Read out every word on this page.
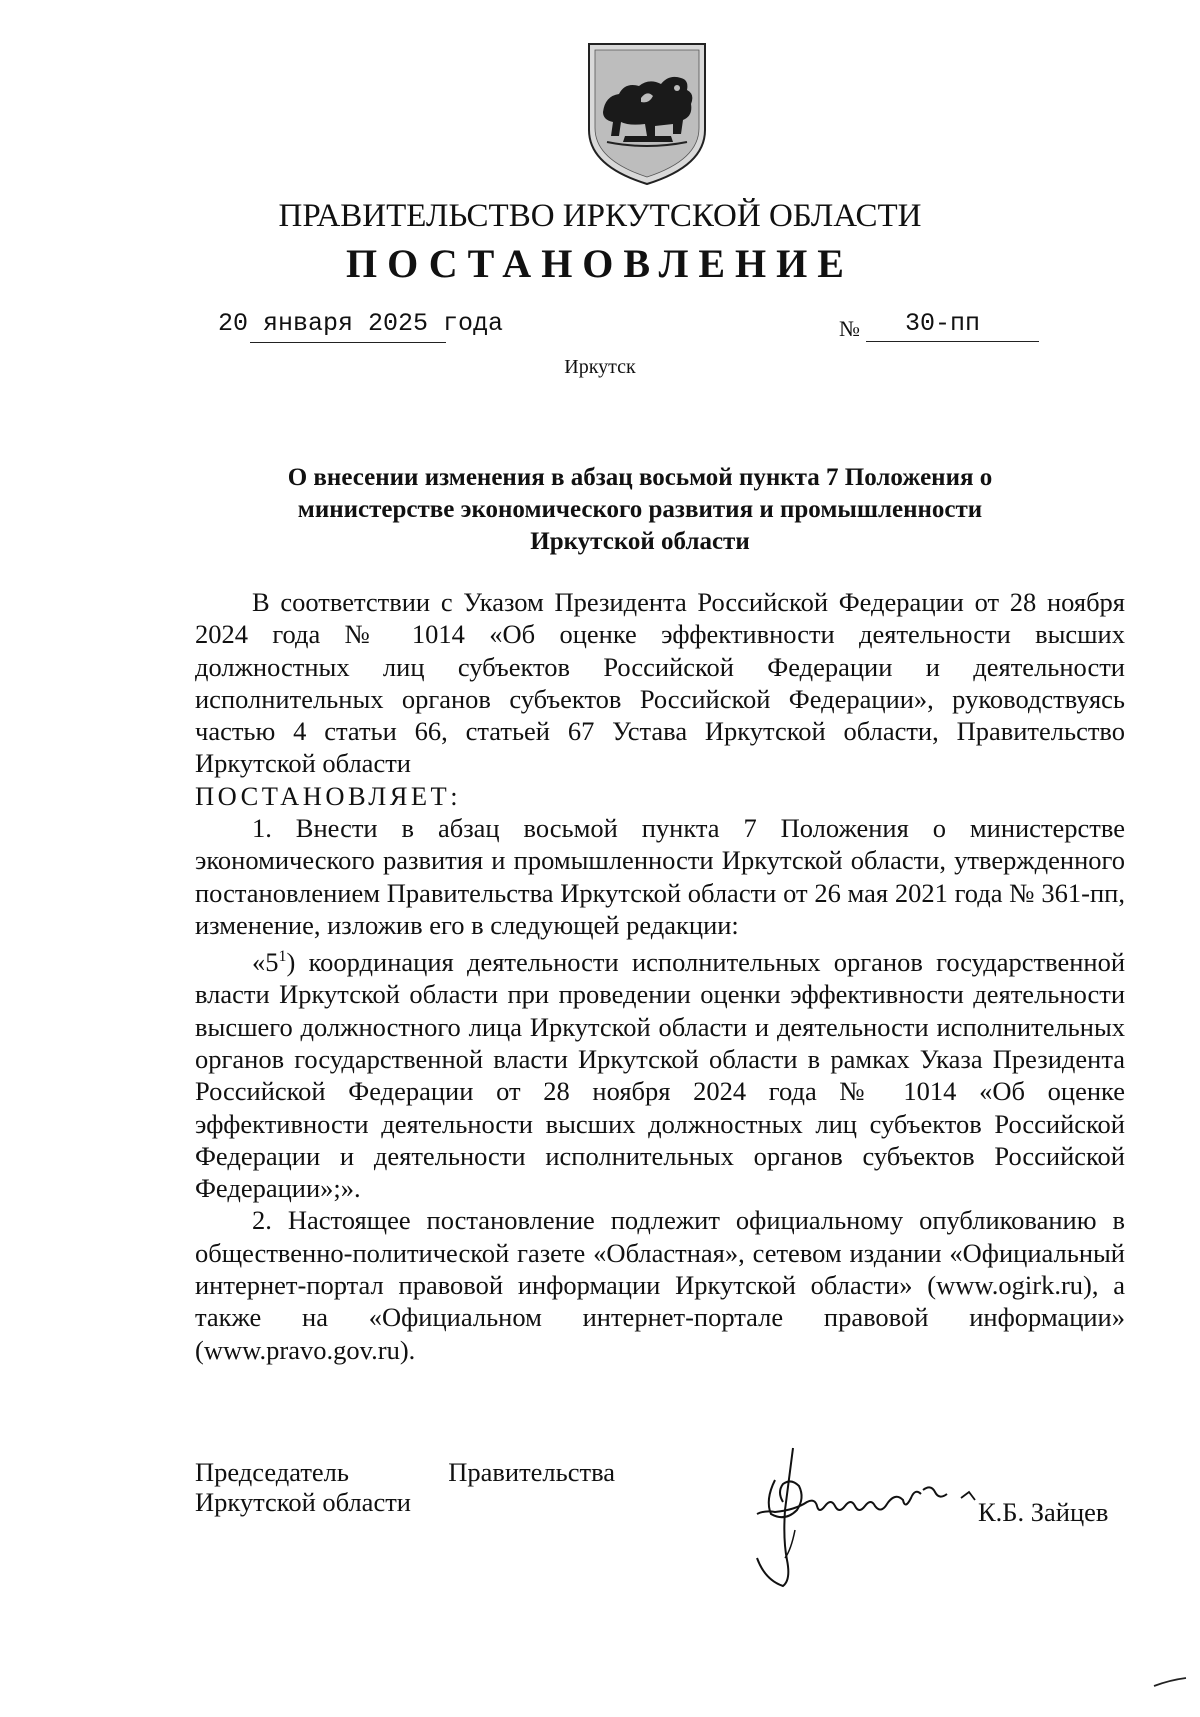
ПРАВИТЕЛЬСТВО ИРКУТСКОЙ ОБЛАСТИ
ПОСТАНОВЛЕНИЕ
20 января 2025 года	№ 30-пп
Иркутск
О внесении изменения в абзац восьмой пункта 7 Положения о министерстве экономического развития и промышленности Иркутской области

В соответствии с Указом Президента Российской Федерации от 28 ноября 2024 года № 1014 «Об оценке эффективности деятельности высших должностных лиц субъектов Российской Федерации и деятельности исполнительных органов субъектов Российской Федерации», руководствуясь частью 4 статьи 66, статьей 67 Устава Иркутской области, Правительство Иркутской области

ПОСТАНОВЛЯЕТ:

1. Внести в абзац восьмой пункта 7 Положения о министерстве экономического развития и промышленности Иркутской области, утвержденного постановлением Правительства Иркутской области от 26 мая 2021 года № 361-пп, изменение, изложив его в следующей редакции:

«$5^1$) координация деятельности исполнительных органов государственной власти Иркутской области при проведении оценки эффективности деятельности высшего должностного лица Иркутской области и деятельности исполнительных органов государственной власти Иркутской области в рамках Указа Президента Российской Федерации от 28 ноября 2024 года № 1014 «Об оценке эффективности деятельности высших должностных лиц субъектов Российской Федерации и деятельности исполнительных органов субъектов Российской Федерации»;».

2. Настоящее постановление подлежит официальному опубликованию в общественно-политической газете «Областная», сетевом издании «Официальный интернет-портал правовой информации Иркутской области» (www.ogirk.ru), а также на «Официальном интернет-портале правовой информации» (www.pravo.gov.ru).

Председатель	Правительства
Иркутской области	К.Б. Зайцев
